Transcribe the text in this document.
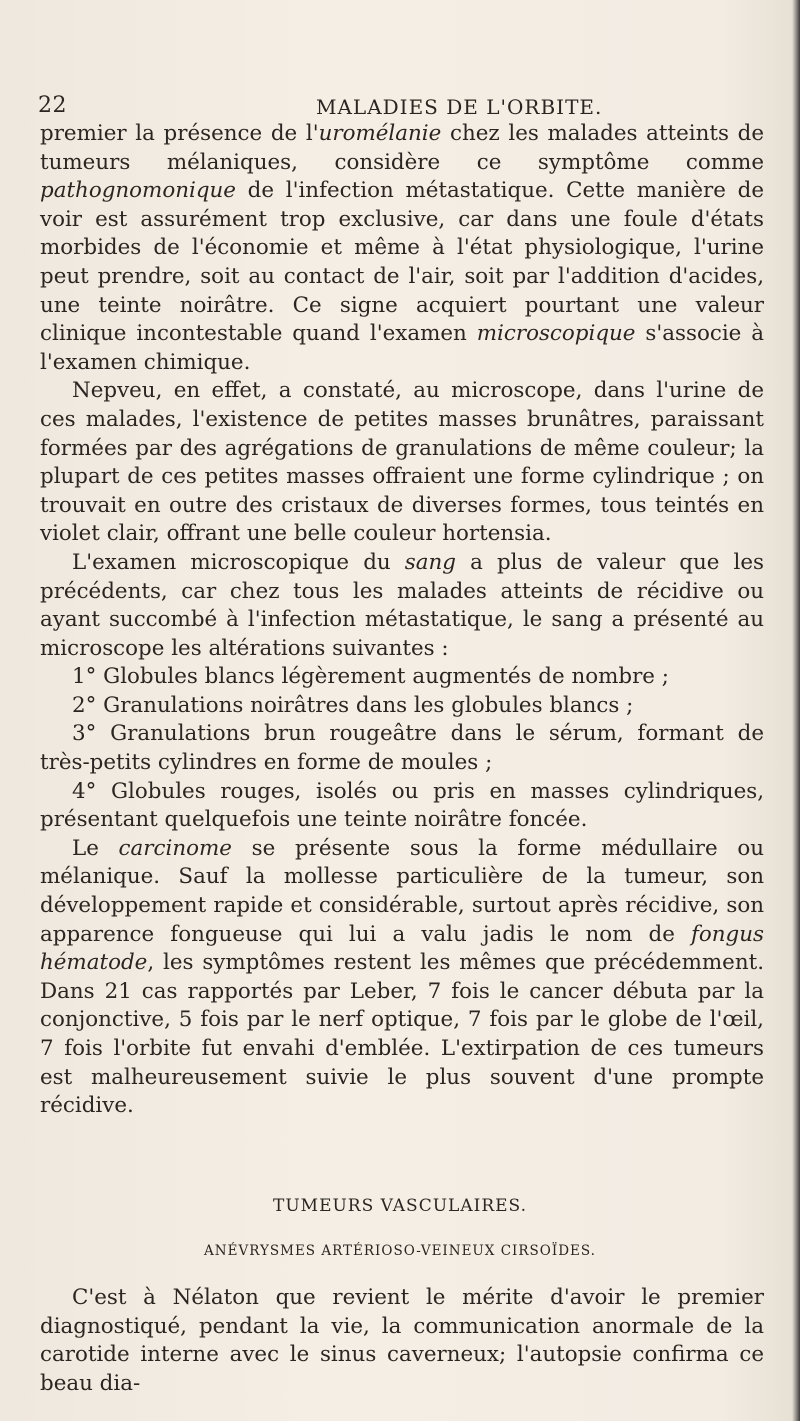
22	MALADIES DE L'ORBITE.

premier la présence de l'uromélanie chez les malades atteints de tumeurs mélaniques, considère ce symptôme comme pathognomonique de l'infection métastatique. Cette manière de voir est assurément trop exclusive, car dans une foule d'états morbides de l'économie et même à l'état physiologique, l'urine peut prendre, soit au contact de l'air, soit par l'addition d'acides, une teinte noirâtre. Ce signe acquiert pourtant une valeur clinique incontestable quand l'examen microscopique s'associe à l'examen chimique.

Nepveu, en effet, a constaté, au microscope, dans l'urine de ces malades, l'existence de petites masses brunâtres, paraissant formées par des agrégations de granulations de même couleur; la plupart de ces petites masses offraient une forme cylindrique ; on trouvait en outre des cristaux de diverses formes, tous teintés en violet clair, offrant une belle couleur hortensia.

L'examen microscopique du sang a plus de valeur que les précédents, car chez tous les malades atteints de récidive ou ayant succombé à l'infection métastatique, le sang a présenté au microscope les altérations suivantes :

1° Globules blancs légèrement augmentés de nombre ;

2° Granulations noirâtres dans les globules blancs ;

3° Granulations brun rougeâtre dans le sérum, formant de très-petits cylindres en forme de moules ;

4° Globules rouges, isolés ou pris en masses cylindriques, présentant quelquefois une teinte noirâtre foncée.

Le carcinome se présente sous la forme médullaire ou mélanique. Sauf la mollesse particulière de la tumeur, son développement rapide et considérable, surtout après récidive, son apparence fongueuse qui lui a valu jadis le nom de fongus hématode, les symptômes restent les mêmes que précédemment. Dans 21 cas rapportés par Leber, 7 fois le cancer débuta par la conjonctive, 5 fois par le nerf optique, 7 fois par le globe de l'œil, 7 fois l'orbite fut envahi d'emblée. L'extirpation de ces tumeurs est malheureusement suivie le plus souvent d'une prompte récidive.

TUMEURS VASCULAIRES.
ANÉVRYSMES ARTÉRIOSO-VEINEUX CIRSOÏDES.

C'est à Nélaton que revient le mérite d'avoir le premier diagnostiqué, pendant la vie, la communication anormale de la carotide interne avec le sinus caverneux; l'autopsie confirma ce beau dia-
